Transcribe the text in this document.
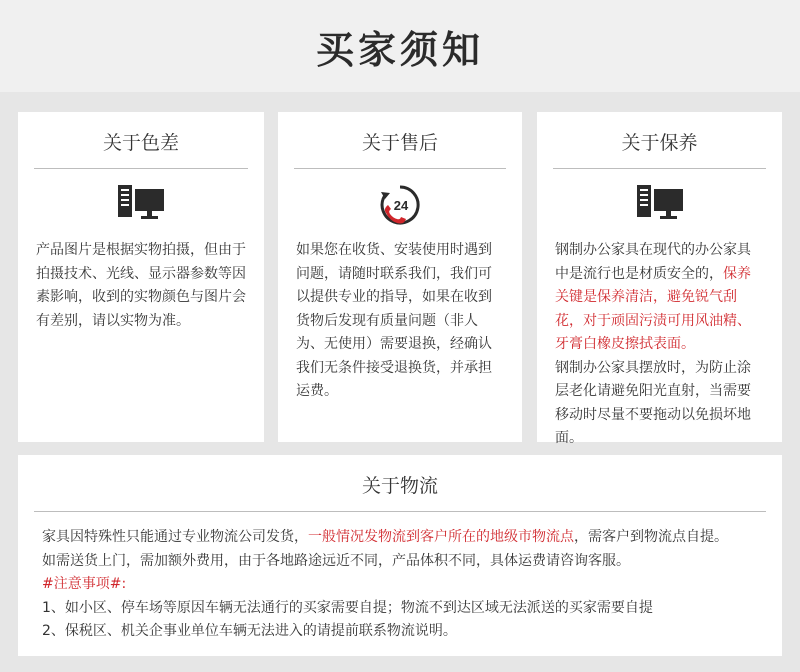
买家须知
关于色差
产品图片是根据实物拍摄，但由于拍摄技术、光线、显示器参数等因素影响，收到的实物颜色与图片会有差别，请以实物为准。
关于售后
24
如果您在收货、安装使用时遇到问题，请随时联系我们，我们可以提供专业的指导，如果在收到货物后发现有质量问题（非人为、无使用）需要退换，经确认我们无条件接受退换货，并承担运费。
关于保养
钢制办公家具在现代的办公家具中是流行也是材质安全的，保养关键是保养清洁，避免锐气刮花，对于顽固污渍可用风油精、牙膏白橡皮擦拭表面。
钢制办公家具摆放时，为防止涂层老化请避免阳光直射，当需要移动时尽量不要拖动以免损坏地面。
关于物流
家具因特殊性只能通过专业物流公司发货，一般情况发物流到客户所在的地级市物流点，需客户到物流点自提。
如需送货上门，需加额外费用，由于各地路途远近不同，产品体积不同，具体运费请咨询客服。
#注意事项#:
1、如小区、停车场等原因车辆无法通行的买家需要自提；物流不到达区域无法派送的买家需要自提
2、保税区、机关企事业单位车辆无法进入的请提前联系物流说明。
